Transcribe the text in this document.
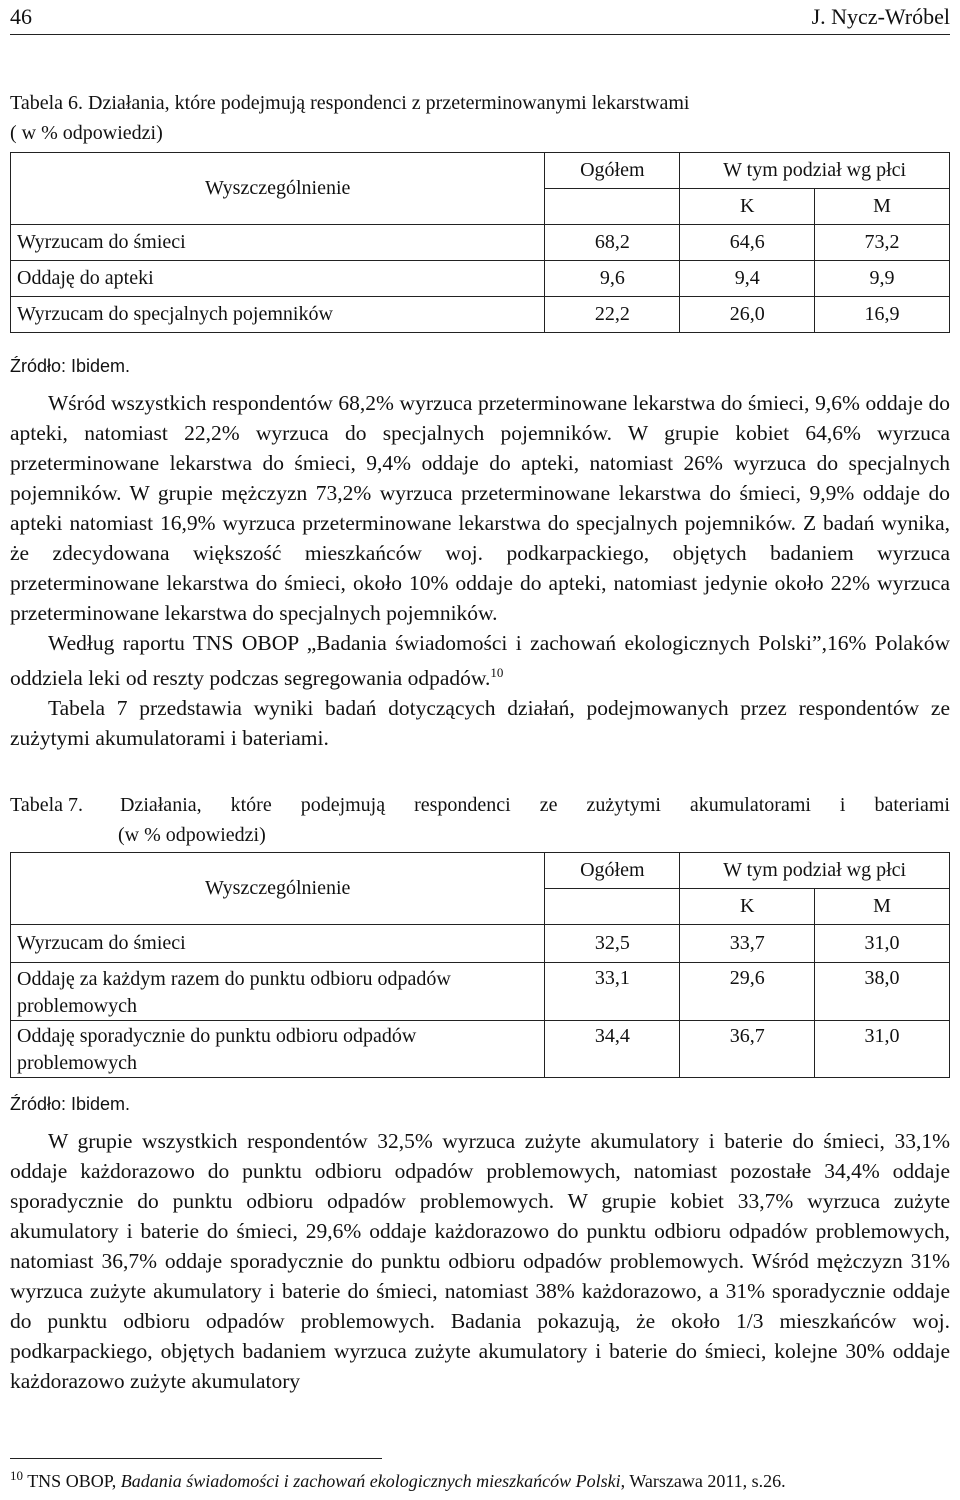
46	J. Nycz-Wróbel
Tabela 6. Działania, które podejmują respondenci z przeterminowanymi lekarstwami
( w % odpowiedzi)
Wyszczególnienie	Ogółem	W tym podział wg płci	
		K	M
Wyrzucam do śmieci	68,2	64,6	73,2
Oddaję do apteki	9,6	9,4	9,9
Wyrzucam do specjalnych pojemników	22,2	26,0	16,9
Źródło: Ibidem.

Wśród wszystkich respondentów 68,2% wyrzuca przeterminowane lekarstwa do śmieci, 9,6% oddaje do apteki, natomiast 22,2% wyrzuca do specjalnych pojemników. W grupie kobiet 64,6% wyrzuca przeterminowane lekarstwa do śmieci, 9,4% oddaje do apteki, natomiast 26% wyrzuca do specjalnych pojemników. W grupie mężczyzn 73,2% wyrzuca przeterminowane lekarstwa do śmieci, 9,9% oddaje do apteki natomiast 16,9% wyrzuca przeterminowane lekarstwa do specjalnych pojemników. Z badań wynika, że zdecydowana większość mieszkańców woj. podkarpackiego, objętych badaniem wyrzuca przeterminowane lekarstwa do śmieci, około 10% oddaje do apteki, natomiast jedynie około 22% wyrzuca przeterminowane lekarstwa do specjalnych pojemników.

Według raportu TNS OBOP „Badania świadomości i zachowań ekologicznych Polski”,16% Polaków oddziela leki od reszty podczas segregowania odpadów.$^{10}$

Tabela 7 przedstawia wyniki badań dotyczących działań, podejmowanych przez respondentów ze zużytymi akumulatorami i bateriami.

Tabela 7. Działania, które podejmują respondenci ze zużytymi akumulatorami i bateriami
(w % odpowiedzi)
Wyszczególnienie	Ogółem	W tym podział wg płci	
		K	M
Wyrzucam do śmieci	32,5	33,7	31,0
Oddaję za każdym razem do punktu odbioru odpadów problemowych	33,1	29,6	38,0
Oddaję sporadycznie do punktu odbioru odpadów problemowych	34,4	36,7	31,0
Źródło: Ibidem.

W grupie wszystkich respondentów 32,5% wyrzuca zużyte akumulatory i baterie do śmieci, 33,1% oddaje każdorazowo do punktu odbioru odpadów problemowych, natomiast pozostałe 34,4% oddaje sporadycznie do punktu odbioru odpadów problemowych. W grupie kobiet 33,7% wyrzuca zużyte akumulatory i baterie do śmieci, 29,6% oddaje każdorazowo do punktu odbioru odpadów problemowych, natomiast 36,7% oddaje sporadycznie do punktu odbioru odpadów problemowych. Wśród mężczyzn 31% wyrzuca zużyte akumulatory i baterie do śmieci, natomiast 38% każdorazowo, a 31% sporadycznie oddaje do punktu odbioru odpadów problemowych. Badania pokazują, że około 1/3 mieszkańców woj. podkarpackiego, objętych badaniem wyrzuca zużyte akumulatory i baterie do śmieci, kolejne 30% oddaje każdorazowo zużyte akumulatory

$^{10}$ TNS OBOP, Badania świadomości i zachowań ekologicznych mieszkańców Polski, Warszawa 2011, s.26.
